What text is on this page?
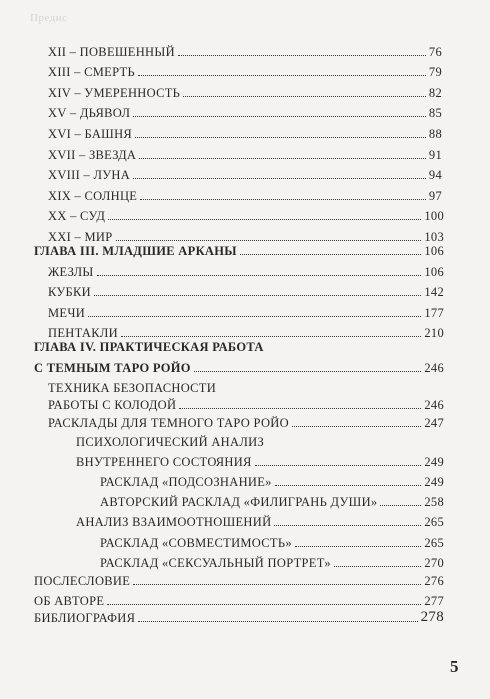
Предис
XII – ПОВЕШЕННЫЙ	76
XIII – СМЕРТЬ	79
XIV – УМЕРЕННОСТЬ	82
XV – ДЬЯВОЛ	85
XVI – БАШНЯ	88
XVII – ЗВЕЗДА	91
XVIII – ЛУНА	94
XIX – СОЛНЦЕ	97
XX – СУД	100
XXI – МИР	103
ГЛАВА III. МЛАДШИЕ АРКАНЫ	106
ЖЕЗЛЫ	106
КУБКИ	142
МЕЧИ	177
ПЕНТАКЛИ	210
ГЛАВА IV. ПРАКТИЧЕСКАЯ РАБОТА
С ТЕМНЫМ ТАРО РОЙО	246
ТЕХНИКА БЕЗОПАСНОСТИ
РАБОТЫ С КОЛОДОЙ	246
РАСКЛАДЫ ДЛЯ ТЕМНОГО ТАРО РОЙО	247
ПСИХОЛОГИЧЕСКИЙ АНАЛИЗ
ВНУТРЕННЕГО СОСТОЯНИЯ	249
РАСКЛАД «ПОДСОЗНАНИЕ»	249
АВТОРСКИЙ РАСКЛАД «ФИЛИГРАНЬ ДУШИ»	258
АНАЛИЗ ВЗАИМООТНОШЕНИЙ	265
РАСКЛАД «СОВМЕСТИМОСТЬ»	265
РАСКЛАД «СЕКСУАЛЬНЫЙ ПОРТРЕТ»	270
ПОСЛЕСЛОВИЕ	276
ОБ АВТОРЕ	277
БИБЛИОГРАФИЯ	278
5
